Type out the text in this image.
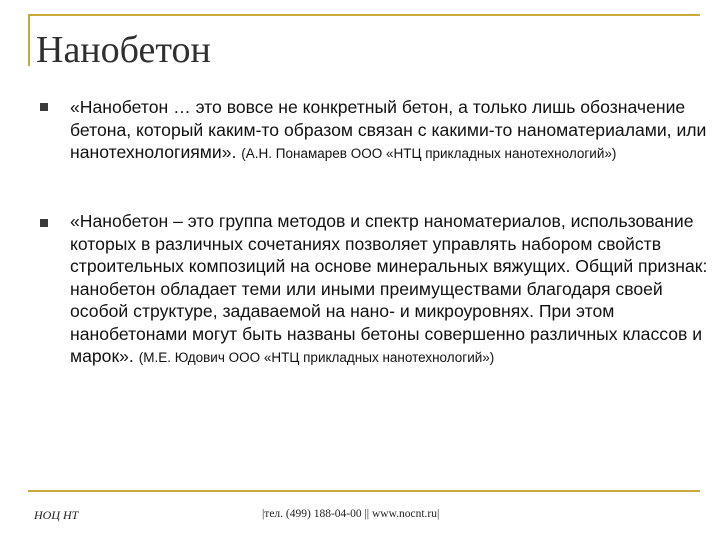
Нанобетон
«Нанобетон … это вовсе не конкретный бетон, а только лишь обозначение бетона, который каким-то образом связан с какими-то наноматериалами, или нанотехнологиями». (А.Н. Понамарев ООО «НТЦ прикладных нанотехнологий»)
«Нанобетон – это группа методов и спектр наноматериалов, использование которых в различных сочетаниях позволяет управлять набором свойств строительных композиций на основе минеральных вяжущих. Общий признак: нанобетон обладает теми или иными преимуществами благодаря своей особой структуре, задаваемой на нано- и микроуровнях. При этом нанобетонами могут быть названы бетоны совершенно различных классов и марок». (М.Е. Юдович ООО «НТЦ прикладных нанотехнологий»)
НОЦ НТ	|тел. (499) 188-04-00 || www.nocnt.ru|
